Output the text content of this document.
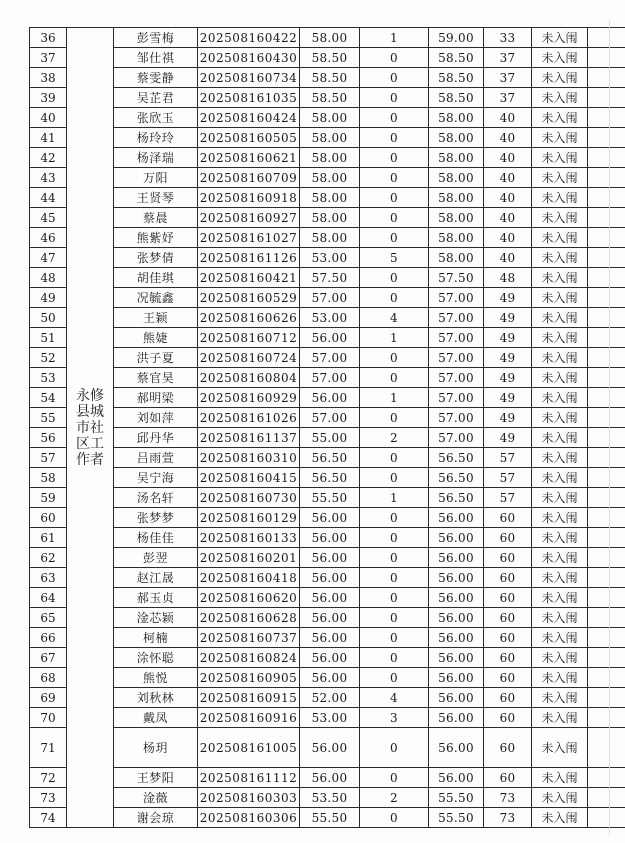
36	永修县城市社区工作者	彭雪梅	202508160422	58.00	1	59.00	33	未入闱	
37		邹仕祺	202508160430	58.50	0	58.50	37	未入闱	
38		蔡雯静	202508160734	58.50	0	58.50	37	未入闱	
39		吴芷君	202508161035	58.50	0	58.50	37	未入闱	
40		张欣玉	202508160424	58.00	0	58.00	40	未入闱	
41		杨玲玲	202508160505	58.00	0	58.00	40	未入闱	
42		杨泽瑞	202508160621	58.00	0	58.00	40	未入闱	
43		万阳	202508160709	58.00	0	58.00	40	未入闱	
44		王贤琴	202508160918	58.00	0	58.00	40	未入闱	
45		蔡晨	202508160927	58.00	0	58.00	40	未入闱	
46		熊紫妤	202508161027	58.00	0	58.00	40	未入闱	
47		张梦倩	202508161126	53.00	5	58.00	40	未入闱	
48		胡佳琪	202508160421	57.50	0	57.50	48	未入闱	
49		况毓鑫	202508160529	57.00	0	57.00	49	未入闱	
50		王颖	202508160626	53.00	4	57.00	49	未入闱	
51		熊婕	202508160712	56.00	1	57.00	49	未入闱	
52		洪子夏	202508160724	57.00	0	57.00	49	未入闱	
53		蔡官昊	202508160804	57.00	0	57.00	49	未入闱	
54		郝明梁	202508160929	56.00	1	57.00	49	未入闱	
55		刘如萍	202508161026	57.00	0	57.00	49	未入闱	
56		邱丹华	202508161137	55.00	2	57.00	49	未入闱	
57		吕雨萱	202508160310	56.50	0	56.50	57	未入闱	
58		吴宁海	202508160415	56.50	0	56.50	57	未入闱	
59		汤名轩	202508160730	55.50	1	56.50	57	未入闱	
60		张梦梦	202508160129	56.00	0	56.00	60	未入闱	
61		杨佳佳	202508160133	56.00	0	56.00	60	未入闱	
62		彭翌	202508160201	56.00	0	56.00	60	未入闱	
63		赵江晟	202508160418	56.00	0	56.00	60	未入闱	
64		郝玉贞	202508160620	56.00	0	56.00	60	未入闱	
65		淦芯颖	202508160628	56.00	0	56.00	60	未入闱	
66		柯楠	202508160737	56.00	0	56.00	60	未入闱	
67		涂怀聪	202508160824	56.00	0	56.00	60	未入闱	
68		熊悦	202508160905	56.00	0	56.00	60	未入闱	
69		刘秋林	202508160915	52.00	4	56.00	60	未入闱	
70		戴凤	202508160916	53.00	3	56.00	60	未入闱	
71		杨玥	202508161005	56.00	0	56.00	60	未入闱	
72		王梦阳	202508161112	56.00	0	56.00	60	未入闱	
73		淦薇	202508160303	53.50	2	55.50	73	未入闱	
74		谢会琼	202508160306	55.50	0	55.50	73	未入闱	
